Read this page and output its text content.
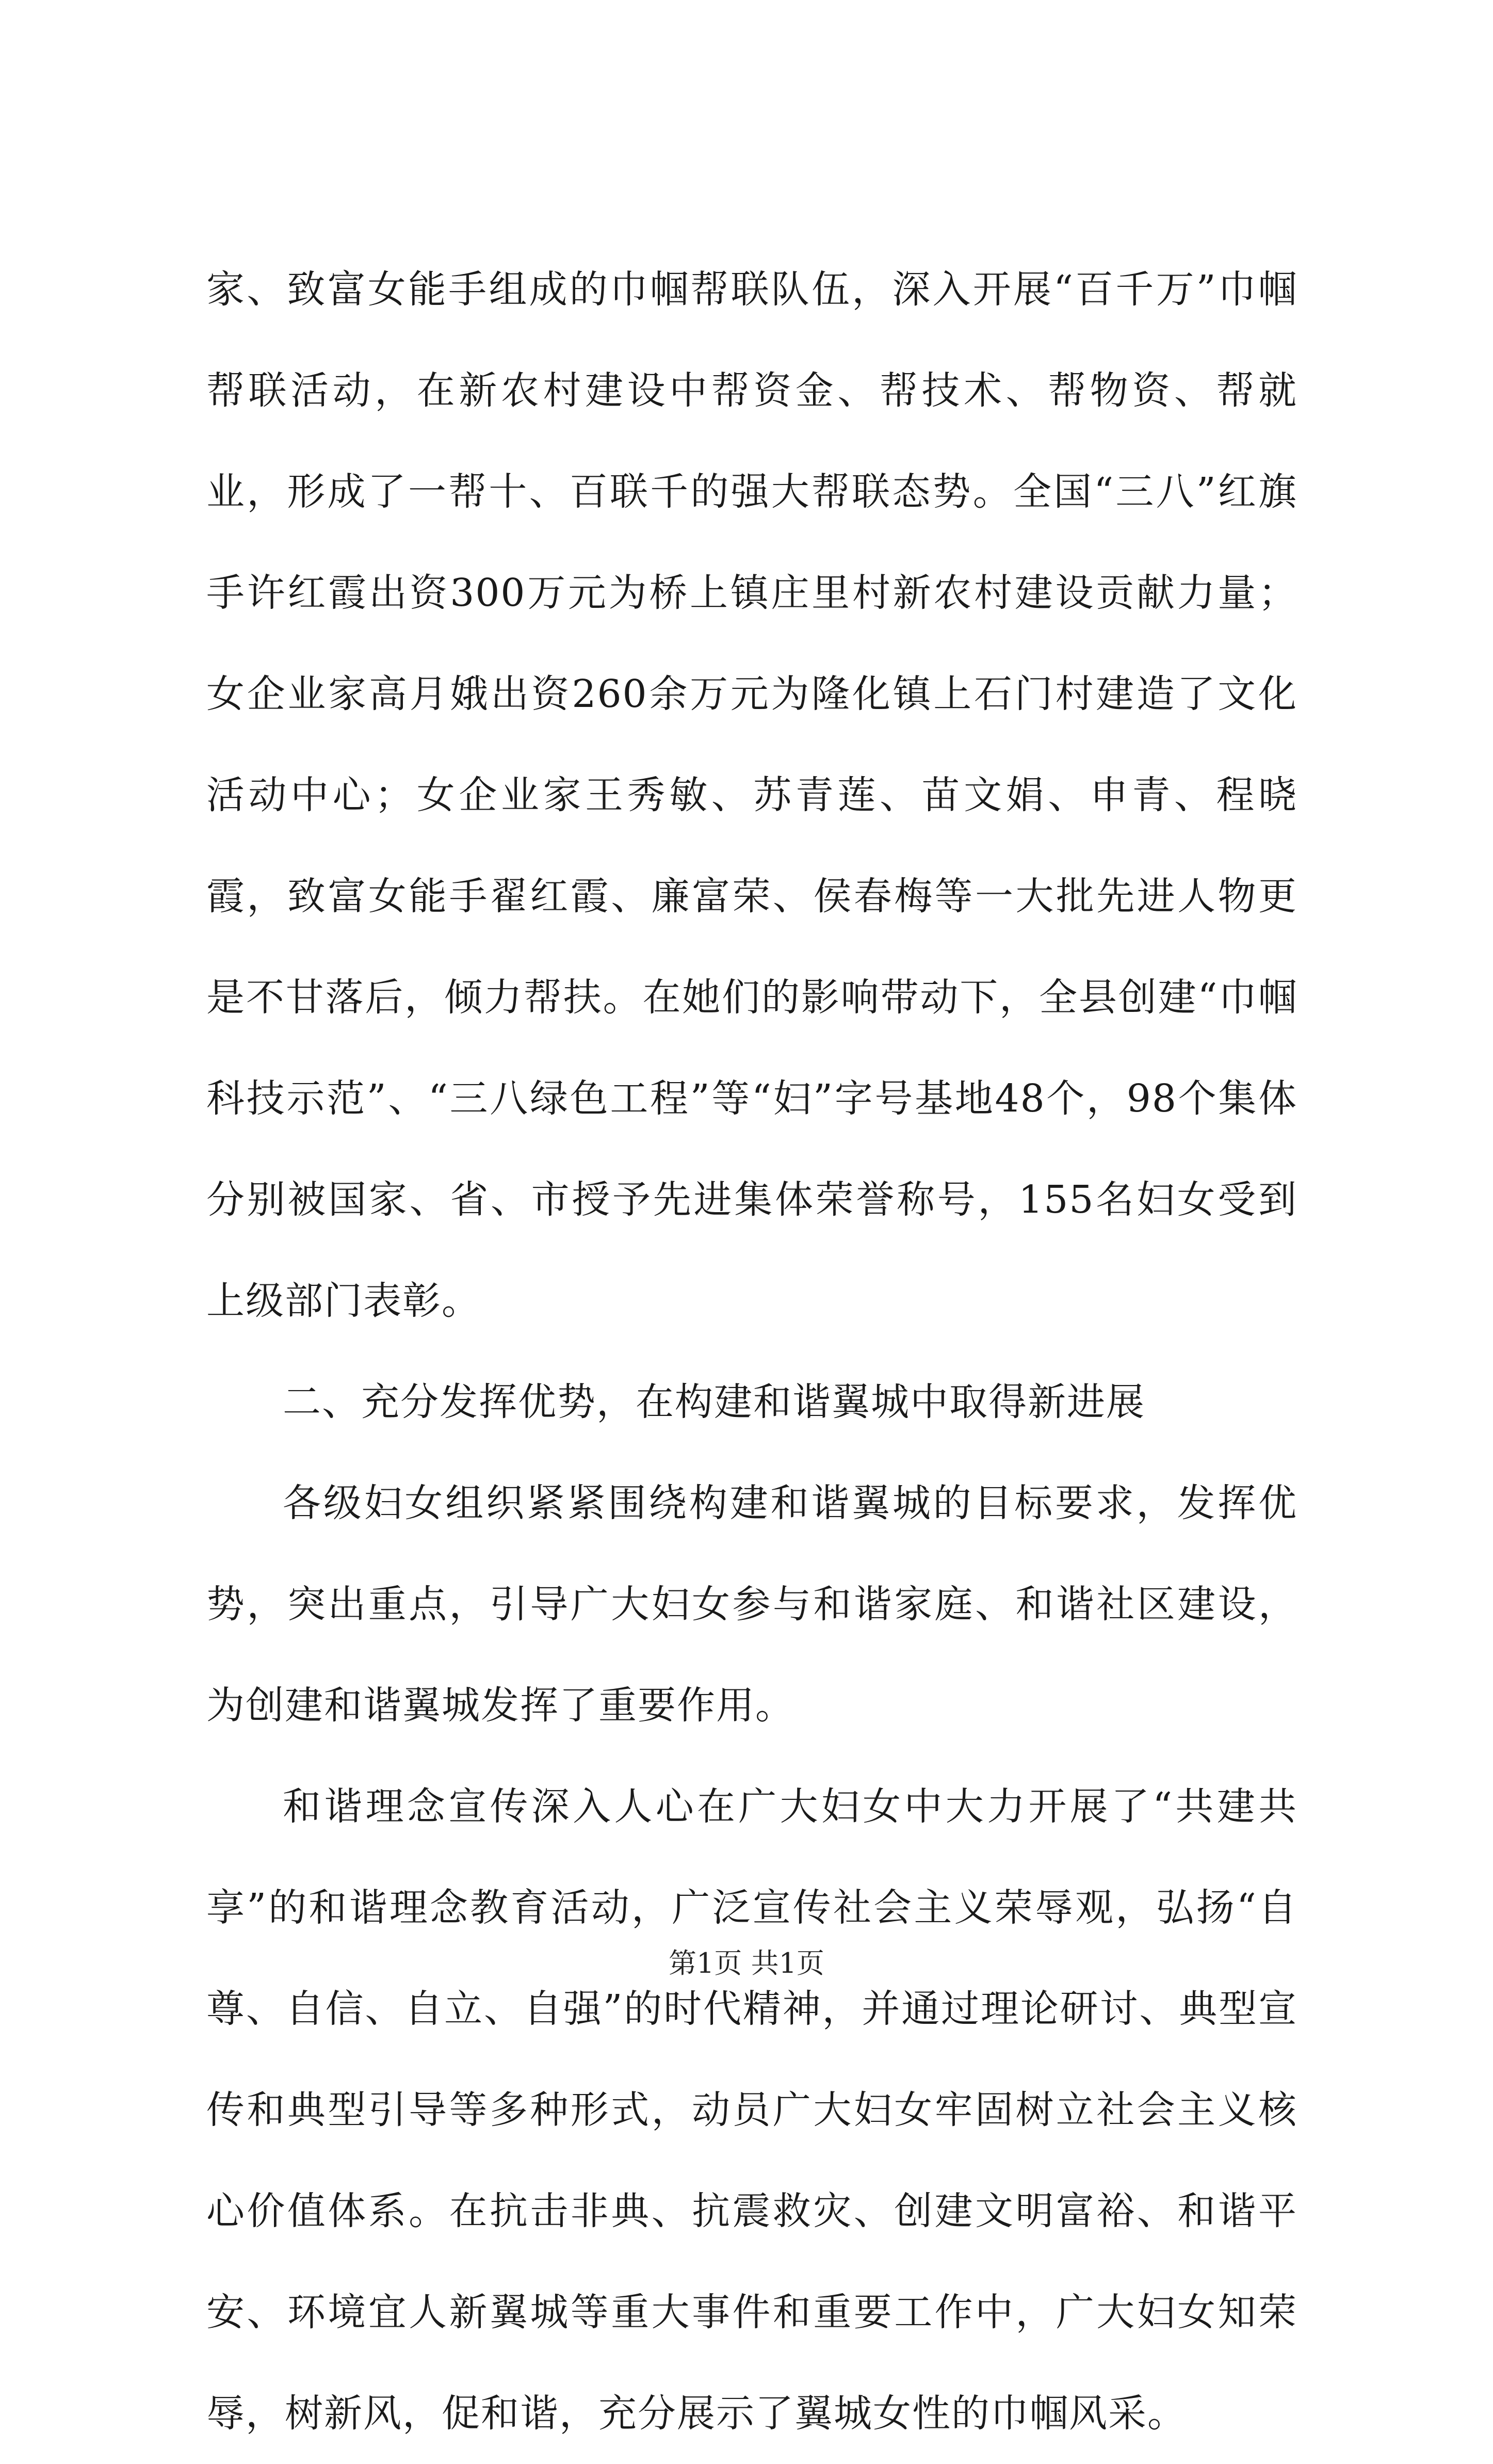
家、致富女能手组成的巾帼帮联队伍，深入开展“百千万”巾帼帮联活动，在新农村建设中帮资金、帮技术、帮物资、帮就业，形成了一帮十、百联千的强大帮联态势。全国“三八”红旗手许红霞出资300万元为桥上镇庄里村新农村建设贡献力量；女企业家高月娥出资260余万元为隆化镇上石门村建造了文化活动中心；女企业家王秀敏、苏青莲、苗文娟、申青、程晓霞，致富女能手翟红霞、廉富荣、侯春梅等一大批先进人物更是不甘落后，倾力帮扶。在她们的影响带动下，全县创建“巾帼科技示范”、“三八绿色工程”等“妇”字号基地48个，98个集体分别被国家、省、市授予先进集体荣誉称号，155名妇女受到上级部门表彰。

二、充分发挥优势，在构建和谐翼城中取得新进展

各级妇女组织紧紧围绕构建和谐翼城的目标要求，发挥优势，突出重点，引导广大妇女参与和谐家庭、和谐社区建设，为创建和谐翼城发挥了重要作用。

和谐理念宣传深入人心在广大妇女中大力开展了“共建共享”的和谐理念教育活动，广泛宣传社会主义荣辱观，弘扬“自尊、自信、自立、自强”的时代精神，并通过理论研讨、典型宣传和典型引导等多种形式，动员广大妇女牢固树立社会主义核心价值体系。在抗击非典、抗震救灾、创建文明富裕、和谐平安、环境宜人新翼城等重大事件和重要工作中，广大妇女知荣辱，树新风，促和谐，充分展示了翼城女性的巾帼风采。

第1页 共1页
